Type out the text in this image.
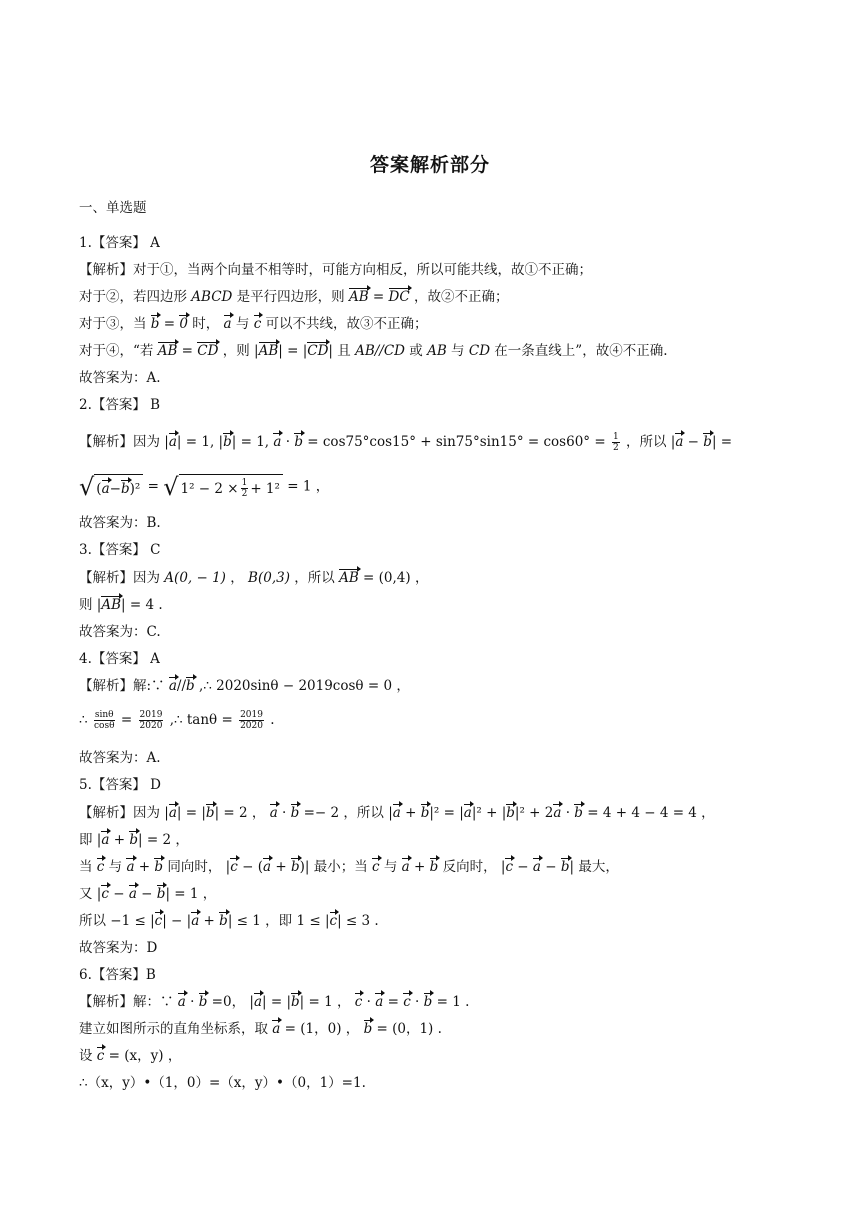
答案解析部分
一、单选题
1.【答案】 A
【解析】对于①，当两个向量不相等时，可能方向相反，所以可能共线，故①不正确；
对于②，若四边形 ABCD 是平行四边形，则 AB = DC ，故②不正确；
对于③，当 b = 0 时， a 与 c 可以不共线，故③不正确；
对于④，“若 AB = CD ，则 |AB| = |CD| 且 AB//CD 或 AB 与 CD 在一条直线上”，故④不正确.
故答案为：A.
2.【答案】 B
【解析】因为 |a| = 1, |b| = 1, $a \cdot b = \cos 75^\circ\cos 15^\circ + \sin 75^\circ\sin 15^\circ = \cos 60^\circ = \frac{1}{2}$ ，所以 |a − b| =
√ ( a − b )² = √ $1^2 - 2 \times \frac{1}{2} + 1^2 = 1$ ，
故答案为：B.
3.【答案】 C
【解析】因为 A(0, − 1) ， B(0,3) ，所以 AB = (0,4) ，
则 |AB| = 4 .
故答案为：C.
4.【答案】 A
【解析】解:∵ a//b ,∴ 2020sinθ − 2019cosθ = 0 ，
∴ $\frac{\sin\theta}{\cos\theta} = \frac{2019}{2020}$ ,∴ $\tan\theta = \frac{2019}{2020}$ .
故答案为：A.
5.【答案】 D
【解析】因为 |a| = |b| = 2 ， a · b =− 2 ，所以 |a + b|² = |a|² + |b|² + 2a · b = 4 + 4 − 4 = 4 ，
即 |a + b| = 2 ，
当 c 与 a + b 同向时， |c − (a + b)| 最小；当 c 与 a + b 反向时， |c − a − b| 最大，
又 |c − a − b| = 1 ，
所以 −1 ≤ |c| − |a + b| ≤ 1 ，即 1 ≤ |c| ≤ 3 .
故答案为：D
6.【答案】B
【解析】解：∵ a · b =0， |a| = |b| = 1 ， c · a = c · b = 1 .
建立如图所示的直角坐标系，取 a = (1，0) ， b = (0，1) .
设 c = (x，y) ，
∴（x，y）•（1，0）=（x，y）•（0，1）=1.
